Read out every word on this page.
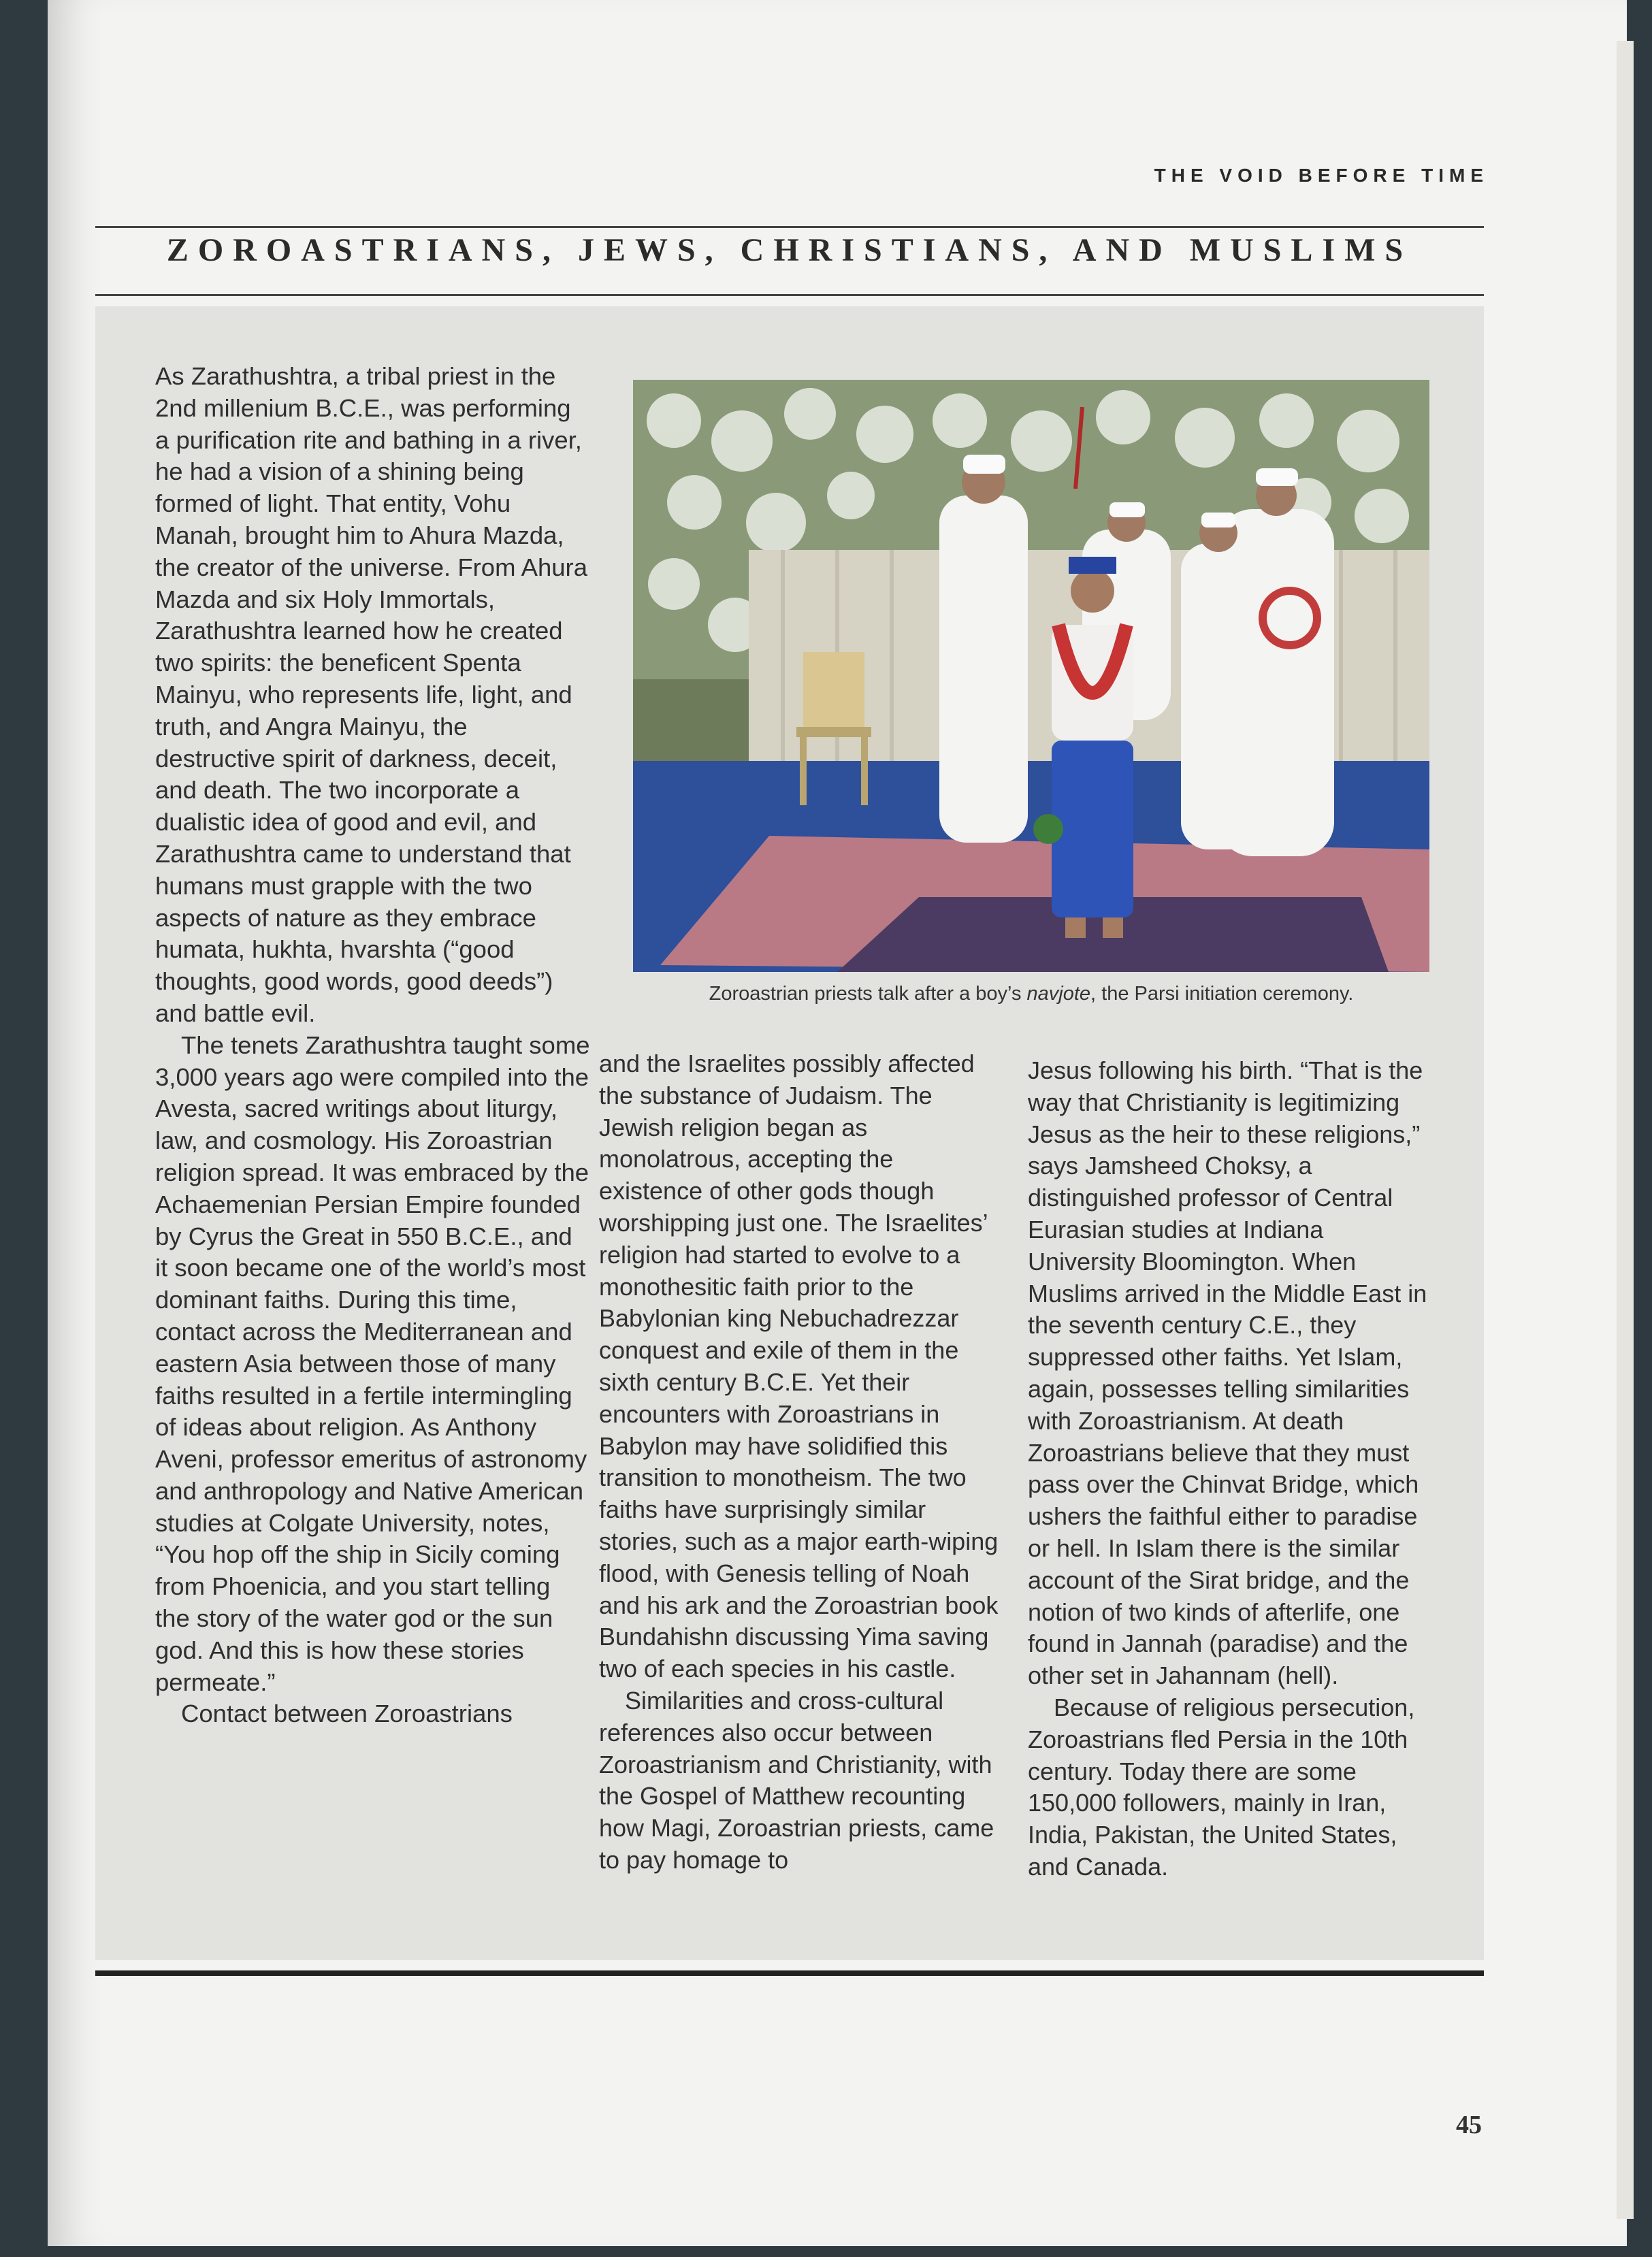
THE VOID BEFORE TIME
ZOROASTRIANS, JEWS, CHRISTIANS, AND MUSLIMS

As Zarathushtra, a tribal priest in the 2nd millenium B.C.E., was performing a purification rite and bathing in a river, he had a vision of a shining being formed of light. That entity, Vohu Manah, brought him to Ahura Mazda, the creator of the universe. From Ahura Mazda and six Holy Immortals, Zarathushtra learned how he created two spirits: the beneficent Spenta Mainyu, who represents life, light, and truth, and Angra Mainyu, the destructive spirit of darkness, deceit, and death. The two incorporate a dualistic idea of good and evil, and Zarathushtra came to understand that humans must grapple with the two aspects of nature as they embrace humata, hukhta, hvarshta (“good thoughts, good words, good deeds”) and battle evil.

The tenets Zarathushtra taught some 3,000 years ago were compiled into the Avesta, sacred writings about liturgy, law, and cosmology. His Zoroastrian religion spread. It was embraced by the Achaemenian Persian Empire founded by Cyrus the Great in 550 B.C.E., and it soon became one of the world’s most dominant faiths. During this time, contact across the Mediterranean and eastern Asia between those of many faiths resulted in a fertile intermingling of ideas about religion. As Anthony Aveni, professor emeritus of astronomy and anthropology and Native American studies at Colgate University, notes, “You hop off the ship in Sicily coming from Phoenicia, and you start telling the story of the water god or the sun god. And this is how these stories permeate.”

Contact between Zoroastrians

Zoroastrian priests talk after a boy’s navjote, the Parsi initiation ceremony.

and the Israelites possibly affected the substance of Judaism. The Jewish religion began as monolatrous, accepting the existence of other gods though worshipping just one. The Israelites’ religion had started to evolve to a monothesitic faith prior to the Babylonian king Nebuchadrezzar conquest and exile of them in the sixth century B.C.E. Yet their encounters with Zoroastrians in Babylon may have solidified this transition to monotheism. The two faiths have surprisingly similar stories, such as a major earth-wiping flood, with Genesis telling of Noah and his ark and the Zoroastrian book Bundahishn discussing Yima saving two of each species in his castle.

Similarities and cross-cultural references also occur between Zoroastrianism and Christianity, with the Gospel of Matthew recounting how Magi, Zoroastrian priests, came to pay homage to

Jesus following his birth. “That is the way that Christianity is legitimizing Jesus as the heir to these religions,” says Jamsheed Choksy, a distinguished professor of Central Eurasian studies at Indiana University Bloomington. When Muslims arrived in the Middle East in the seventh century C.E., they suppressed other faiths. Yet Islam, again, possesses telling similarities with Zoroastrianism. At death Zoroastrians believe that they must pass over the Chinvat Bridge, which ushers the faithful either to paradise or hell. In Islam there is the similar account of the Sirat bridge, and the notion of two kinds of afterlife, one found in Jannah (paradise) and the other set in Jahannam (hell).

Because of religious persecution, Zoroastrians fled Persia in the 10th century. Today there are some 150,000 followers, mainly in Iran, India, Pakistan, the United States, and Canada.

45
